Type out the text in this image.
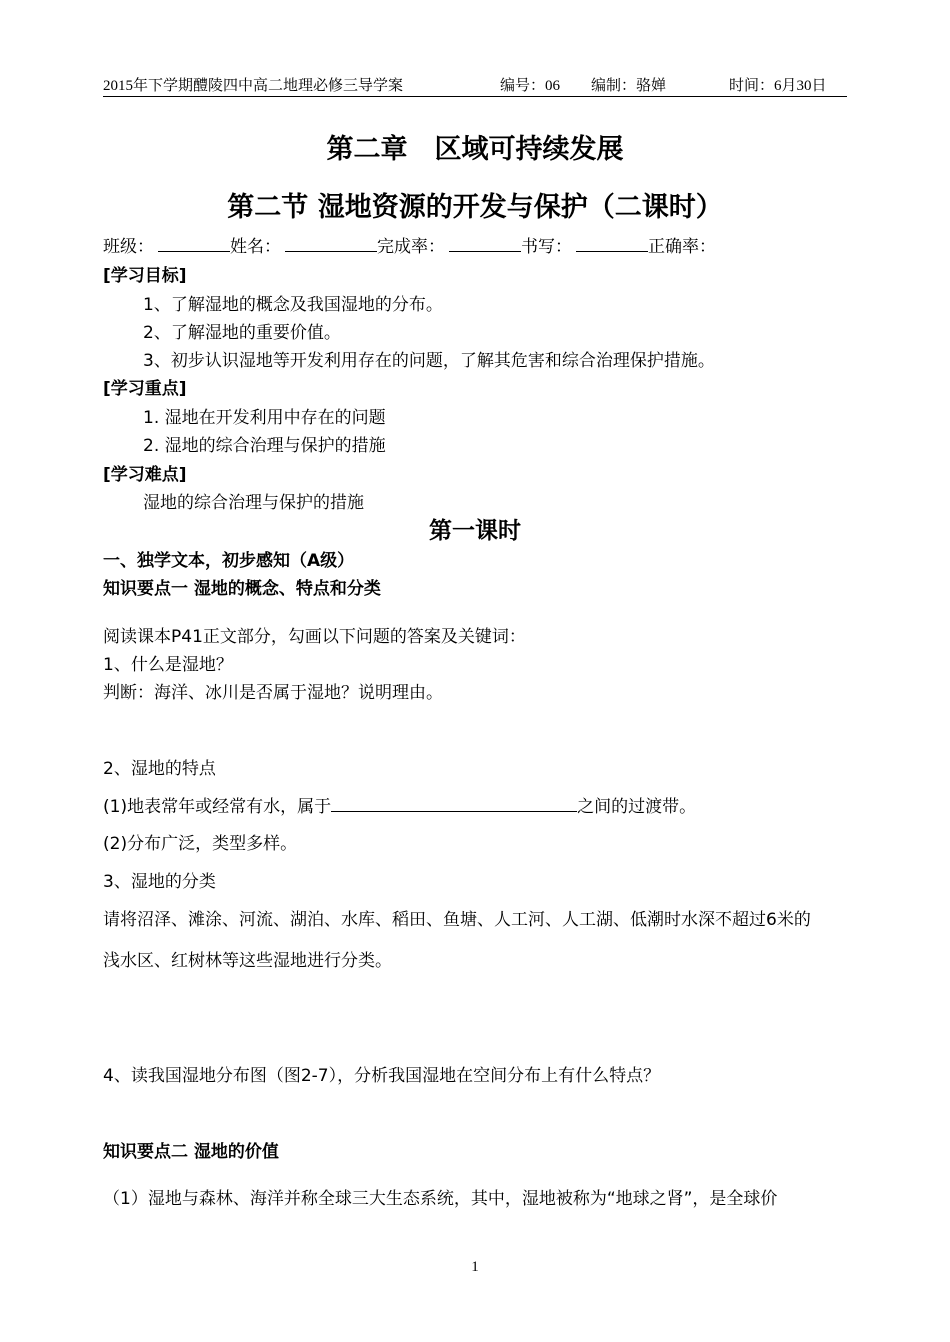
2015年下学期醴陵四中高二地理必修三导学案	编号：06 编制：骆婵	时间：6月30日
第二章　区域可持续发展
第二节 湿地资源的开发与保护（二课时）
班级：	姓名：	完成率：	书写：	正确率：
[学习目标]
1、了解湿地的概念及我国湿地的分布。
2、了解湿地的重要价值。
3、初步认识湿地等开发利用存在的问题，了解其危害和综合治理保护措施。
[学习重点]
1. 湿地在开发利用中存在的问题
2. 湿地的综合治理与保护的措施
[学习难点]
湿地的综合治理与保护的措施
第一课时
一、独学文本，初步感知（A级）
知识要点一 湿地的概念、特点和分类
阅读课本P41正文部分，勾画以下问题的答案及关键词：
1、什么是湿地？
判断：海洋、冰川是否属于湿地？说明理由。
2、湿地的特点
(1)地表常年或经常有水，属于	之间的过渡带。
(2)分布广泛，类型多样。
3、湿地的分类
请将沼泽、滩涂、河流、湖泊、水库、稻田、鱼塘、人工河、人工湖、低潮时水深不超过6米的
浅水区、红树林等这些湿地进行分类。
4、读我国湿地分布图（图2-7），分析我国湿地在空间分布上有什么特点？
知识要点二 湿地的价值
（1）湿地与森林、海洋并称全球三大生态系统，其中，湿地被称为“地球之肾”，是全球价
1
